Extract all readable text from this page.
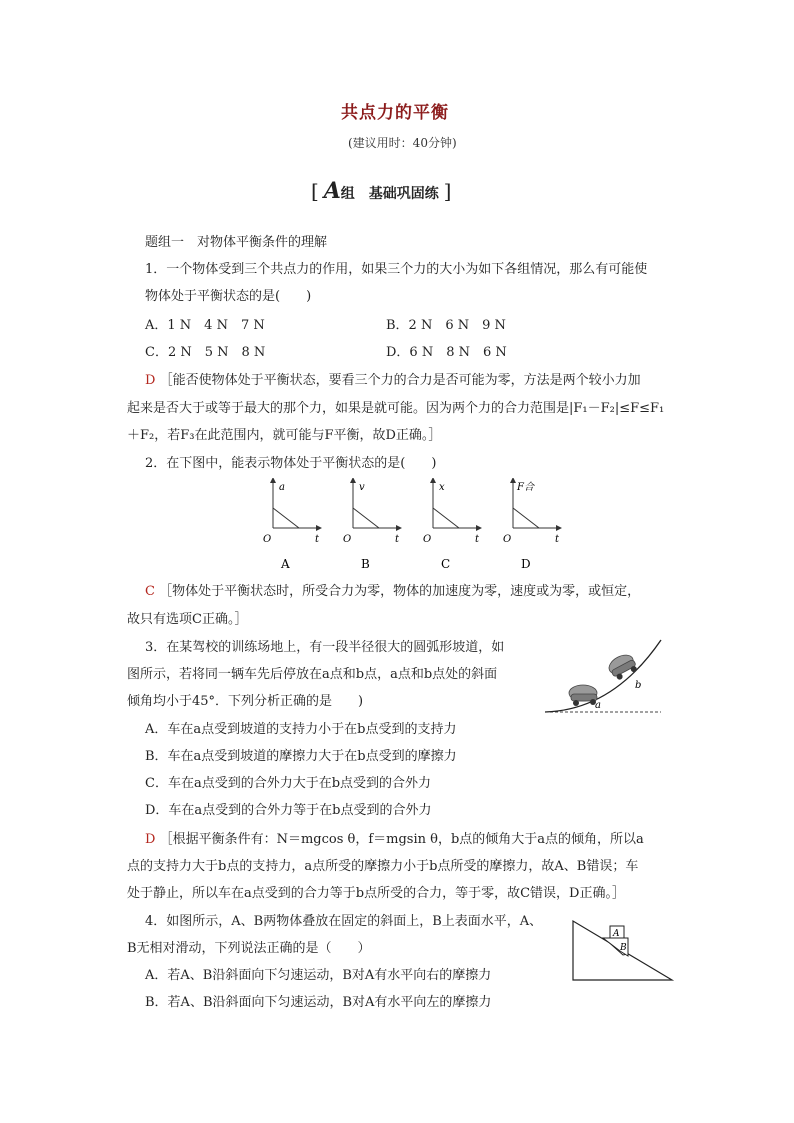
共点力的平衡
(建议用时：40分钟)
[ A组　基础巩固练 ]
题组一　对物体平衡条件的理解
1．一个物体受到三个共点力的作用，如果三个力的大小为如下各组情况，那么有可能使
物体处于平衡状态的是(　　)
A．1 N　4 N　7 N	B．2 N　6 N　9 N
C．2 N　5 N　8 N	D．6 N　8 N　6 N
D ［能否使物体处于平衡状态，要看三个力的合力是否可能为零，方法是两个较小力加
起来是否大于或等于最大的那个力，如果是就可能。因为两个力的合力范围是|F₁－F₂|≤F≤F₁
＋F₂，若F₃在此范围内，就可能与F平衡，故D正确。］
2．在下图中，能表示物体处于平衡状态的是(　　)
a
t
O
A
v
t
O
B
x
t
O
C
F合
t
O
D
C ［物体处于平衡状态时，所受合力为零，物体的加速度为零，速度或为零，或恒定，
故只有选项C正确。］
3．在某驾校的训练场地上，有一段半径很大的圆弧形坡道，如
图所示，若将同一辆车先后停放在a点和b点，a点和b点处的斜面
倾角均小于45°．下列分析正确的是　　)	a
b
A．车在a点受到坡道的支持力小于在b点受到的支持力
B．车在a点受到坡道的摩擦力大于在b点受到的摩擦力
C．车在a点受到的合外力大于在b点受到的合外力
D．车在a点受到的合外力等于在b点受到的合外力
D ［根据平衡条件有：N＝mgcos θ，f＝mgsin θ，b点的倾角大于a点的倾角，所以a
点的支持力大于b点的支持力，a点所受的摩擦力小于b点所受的摩擦力，故A、B错误；车
处于静止，所以车在a点受到的合力等于b点所受的合力，等于零，故C错误，D正确。］
4．如图所示，A、B两物体叠放在固定的斜面上，B上表面水平，A、
B无相对滑动，下列说法正确的是（　　）
A
B
A．若A、B沿斜面向下匀速运动，B对A有水平向右的摩擦力
B．若A、B沿斜面向下匀速运动，B对A有水平向左的摩擦力
